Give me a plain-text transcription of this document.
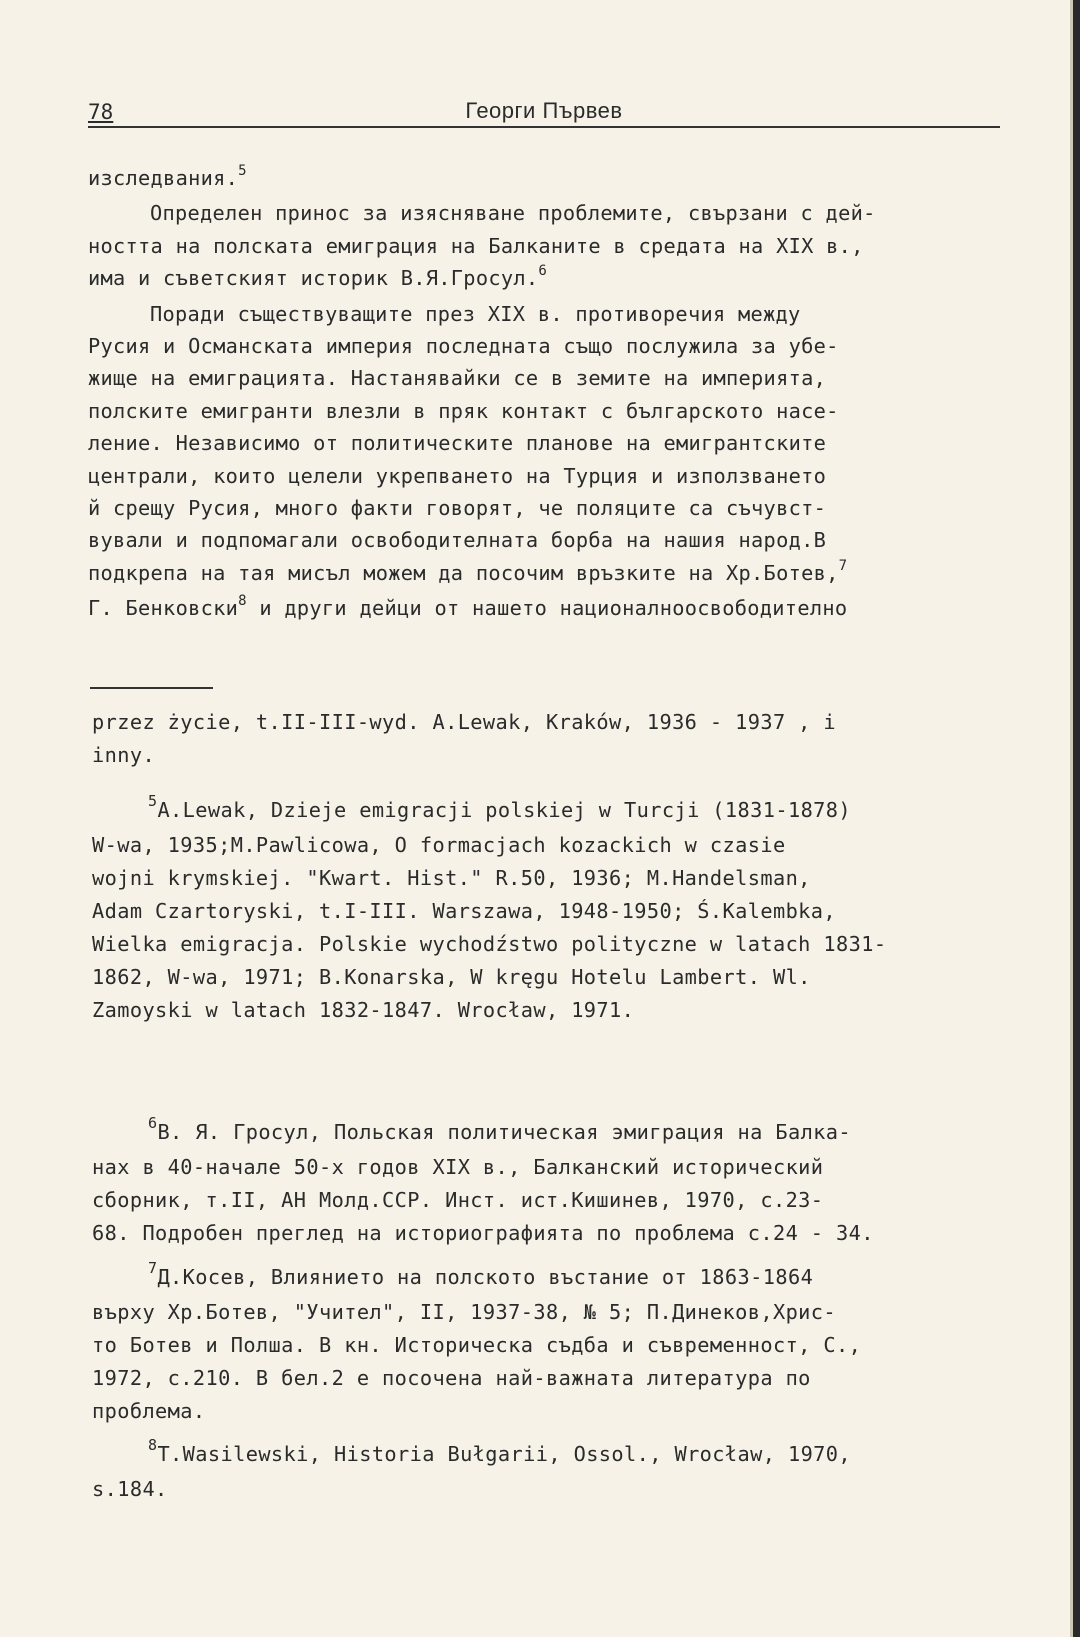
78	Георги Първев

изследвания.$^5$

Определен принос за изясняване проблемите, свързани с дей-

ността на полската емиграция на Балканите в средата на XIX в.,

има и съветският историк В.Я.Гросул.$^6$

Поради съществуващите през XIX в. противоречия между

Русия и Османската империя последната също послужила за убе-

жище на емиграцията. Настанявайки се в земите на империята,

полските емигранти влезли в пряк контакт с българското насе-

ление. Независимо от политическите планове на емигрантските

централи, които целели укрепването на Турция и използването

й срещу Русия, много факти говорят, че поляците са съчувст-

вували и подпомагали освободителната борба на нашия народ.В

подкрепа на тая мисъл можем да посочим връзките на Хр.Ботев,$^7$

Г. Бенковски$^8$ и други дейци от нашето националноосвободително

przez życie, t.II-III-wyd. A.Lewak, Kraków, 1936 - 1937 , i

inny.

$^5$A.Lewak, Dzieje emigracji polskiej w Turcji (1831-1878)

W-wa, 1935;M.Pawlicowa, O formacjach kozackich w czasie

wojni krymskiej. "Kwart. Hist." R.50, 1936; M.Handelsman,

Adam Czartoryski, t.I-III. Warszawa, 1948-1950; Ś.Kalembka,

Wielka emigracja. Polskie wychodźstwo polityczne w latach 1831-

1862, W-wa, 1971; B.Konarska, W kręgu Hotelu Lambert. Wl.

Zamoyski w latach 1832-1847. Wrocław, 1971.

$^6$В. Я. Гросул, Польская политическая эмиграция на Балка-

нах в 40-начале 50-х годов XIX в., Балканский исторический

сборник, т.II, АН Молд.ССР. Инст. ист.Кишинев, 1970, с.23-

68. Подробен преглед на историографията по проблема с.24 - 34.

$^7$Д.Косев, Влиянието на полското въстание от 1863-1864

върху Хр.Ботев, "Учител", II, 1937-38, № 5; П.Динеков,Хрис-

то Ботев и Полша. В кн. Историческа съдба и съвременност, С.,

1972, с.210. В бел.2 е посочена най-важната литература по

проблема.

$^8$T.Wasilewski, Historia Bułgarii, Ossol., Wrocław, 1970,

s.184.
